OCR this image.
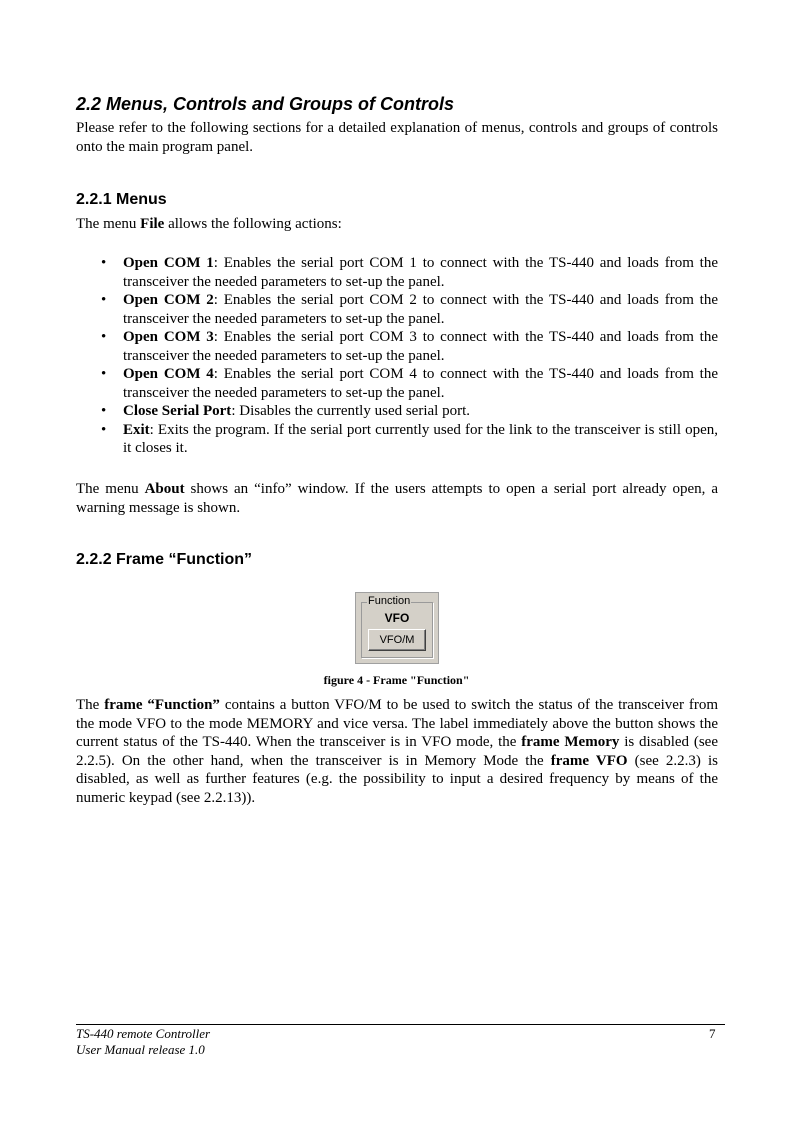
2.2 Menus, Controls and Groups of Controls
Please refer to the following sections for a detailed explanation of menus, controls and groups of controls onto the main program panel.
2.2.1 Menus
The menu File allows the following actions:
• Open COM 1: Enables the serial port COM 1 to connect with the TS-440 and loads from the transceiver the needed parameters to set-up the panel.
• Open COM 2: Enables the serial port COM 2 to connect with the TS-440 and loads from the transceiver the needed parameters to set-up the panel.
• Open COM 3: Enables the serial port COM 3 to connect with the TS-440 and loads from the transceiver the needed parameters to set-up the panel.
• Open COM 4: Enables the serial port COM 4 to connect with the TS-440 and loads from the transceiver the needed parameters to set-up the panel.
• Close Serial Port: Disables the currently used serial port.
• Exit: Exits the program. If the serial port currently used for the link to the transceiver is still open, it closes it.
The menu About shows an “info” window. If the users attempts to open a serial port already open, a warning message is shown.
2.2.2 Frame “Function”
Function
VFO
VFO/M
figure 4 - Frame "Function"
The frame “Function” contains a button VFO/M to be used to switch the status of the transceiver from the mode VFO to the mode MEMORY and vice versa. The label immediately above the button shows the current status of the TS-440. When the transceiver is in VFO mode, the frame Memory is disabled (see 2.2.5). On the other hand, when the transceiver is in Memory Mode the frame VFO (see 2.2.3) is disabled, as well as further features (e.g. the possibility to input a desired frequency by means of the numeric keypad (see 2.2.13)).
TS-440 remote Controller
User Manual release 1.0
7
